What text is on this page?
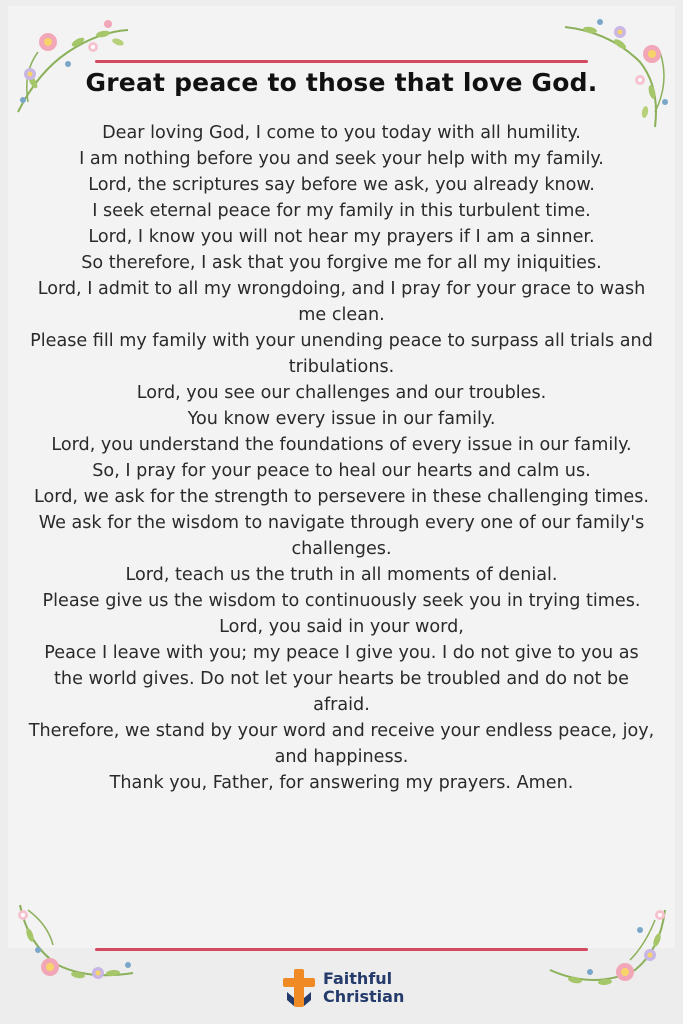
Great peace to those that love God.

Dear loving God, I come to you today with all humility.

I am nothing before you and seek your help with my family.

Lord, the scriptures say before we ask, you already know.

I seek eternal peace for my family in this turbulent time.

Lord, I know you will not hear my prayers if I am a sinner.

So therefore, I ask that you forgive me for all my iniquities.

Lord, I admit to all my wrongdoing, and I pray for your grace to wash me clean.

Please fill my family with your unending peace to surpass all trials and tribulations.

Lord, you see our challenges and our troubles.

You know every issue in our family.

Lord, you understand the foundations of every issue in our family.

So, I pray for your peace to heal our hearts and calm us.

Lord, we ask for the strength to persevere in these challenging times.

We ask for the wisdom to navigate through every one of our family's challenges.

Lord, teach us the truth in all moments of denial.

Please give us the wisdom to continuously seek you in trying times.

Lord, you said in your word,

Peace I leave with you; my peace I give you. I do not give to you as the world gives. Do not let your hearts be troubled and do not be afraid.

Therefore, we stand by your word and receive your endless peace, joy, and happiness.

Thank you, Father, for answering my prayers. Amen.

Faithful
Christian
